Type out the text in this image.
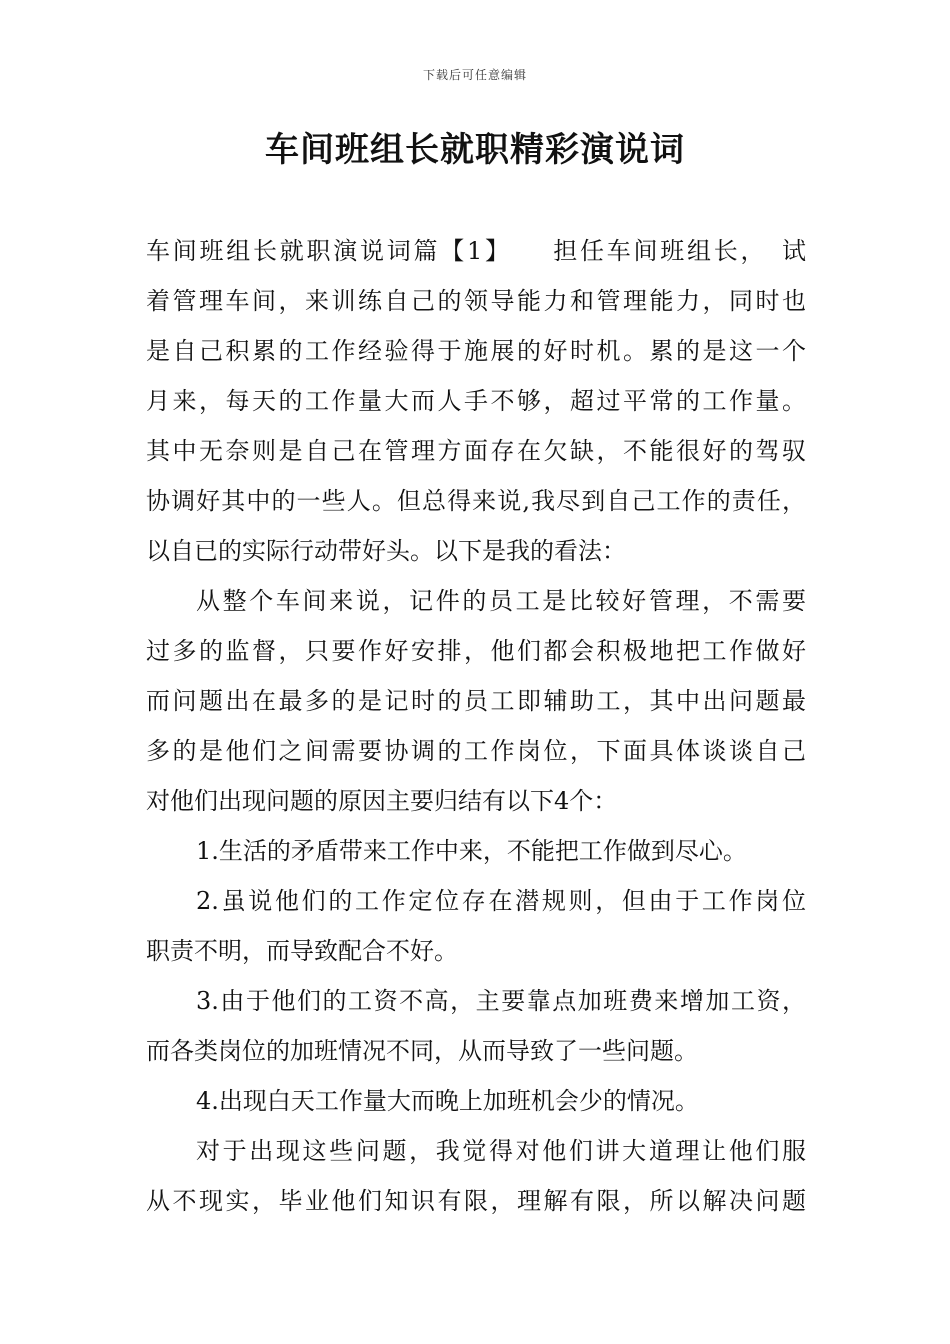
下载后可任意编辑
车间班组长就职精彩演说词
车间班组长就职演说词篇【1】　　担任车间班组长，　试
着管理车间，来训练自己的领导能力和管理能力，同时也
是自己积累的工作经验得于施展的好时机。累的是这一个
月来，每天的工作量大而人手不够，超过平常的工作量。
其中无奈则是自己在管理方面存在欠缺，不能很好的驾驭
协调好其中的一些人。但总得来说,我尽到自己工作的责任，
以自已的实际行动带好头。以下是我的看法：
从整个车间来说，记件的员工是比较好管理，不需要
过多的监督，只要作好安排，他们都会积极地把工作做好
而问题出在最多的是记时的员工即辅助工，其中出问题最
多的是他们之间需要协调的工作岗位，下面具体谈谈自己
对他们出现问题的原因主要归结有以下4个：
1.生活的矛盾带来工作中来，不能把工作做到尽心。
2.虽说他们的工作定位存在潜规则，但由于工作岗位
职责不明，而导致配合不好。
3.由于他们的工资不高，主要靠点加班费来增加工资，
而各类岗位的加班情况不同，从而导致了一些问题。
4.出现白天工作量大而晚上加班机会少的情况。
对于出现这些问题，我觉得对他们讲大道理让他们服
从不现实，毕业他们知识有限，理解有限，所以解决问题
